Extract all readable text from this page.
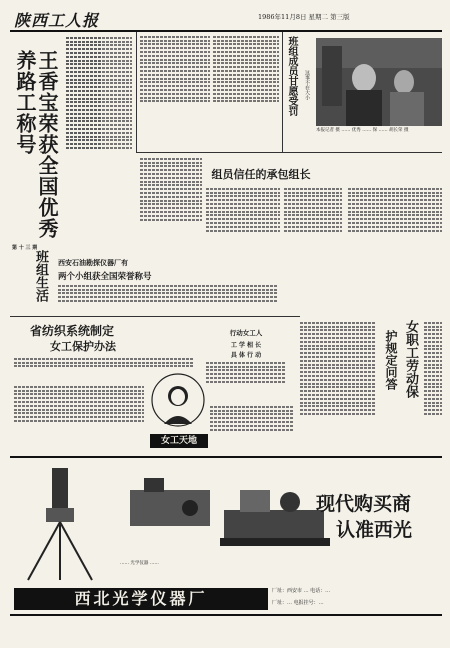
陕西工人报	1986年11月8日 星期二 第三版
王香宝荣获全国优秀养路工称号	班组成员甘愿受罚	这事不在大小
本报记者 摄 …… 优秀 …… 保 …… 胡长荣 摄
组员信任的承包组长
第 十 三 期
班组生活 西安石油勘探仪器厂有
两个小组获全国荣誉称号
省纺织系统制定
女工保护办法
行动女工人
工 学 相 长
具 体 行 动	女职工劳动保
护规定问答
女工天地
现代购买商
认准西光
…… 光学仪器 ……
西北光学仪器厂	厂址：西安市 … 电话：…
厂址：… 电报挂号：…
